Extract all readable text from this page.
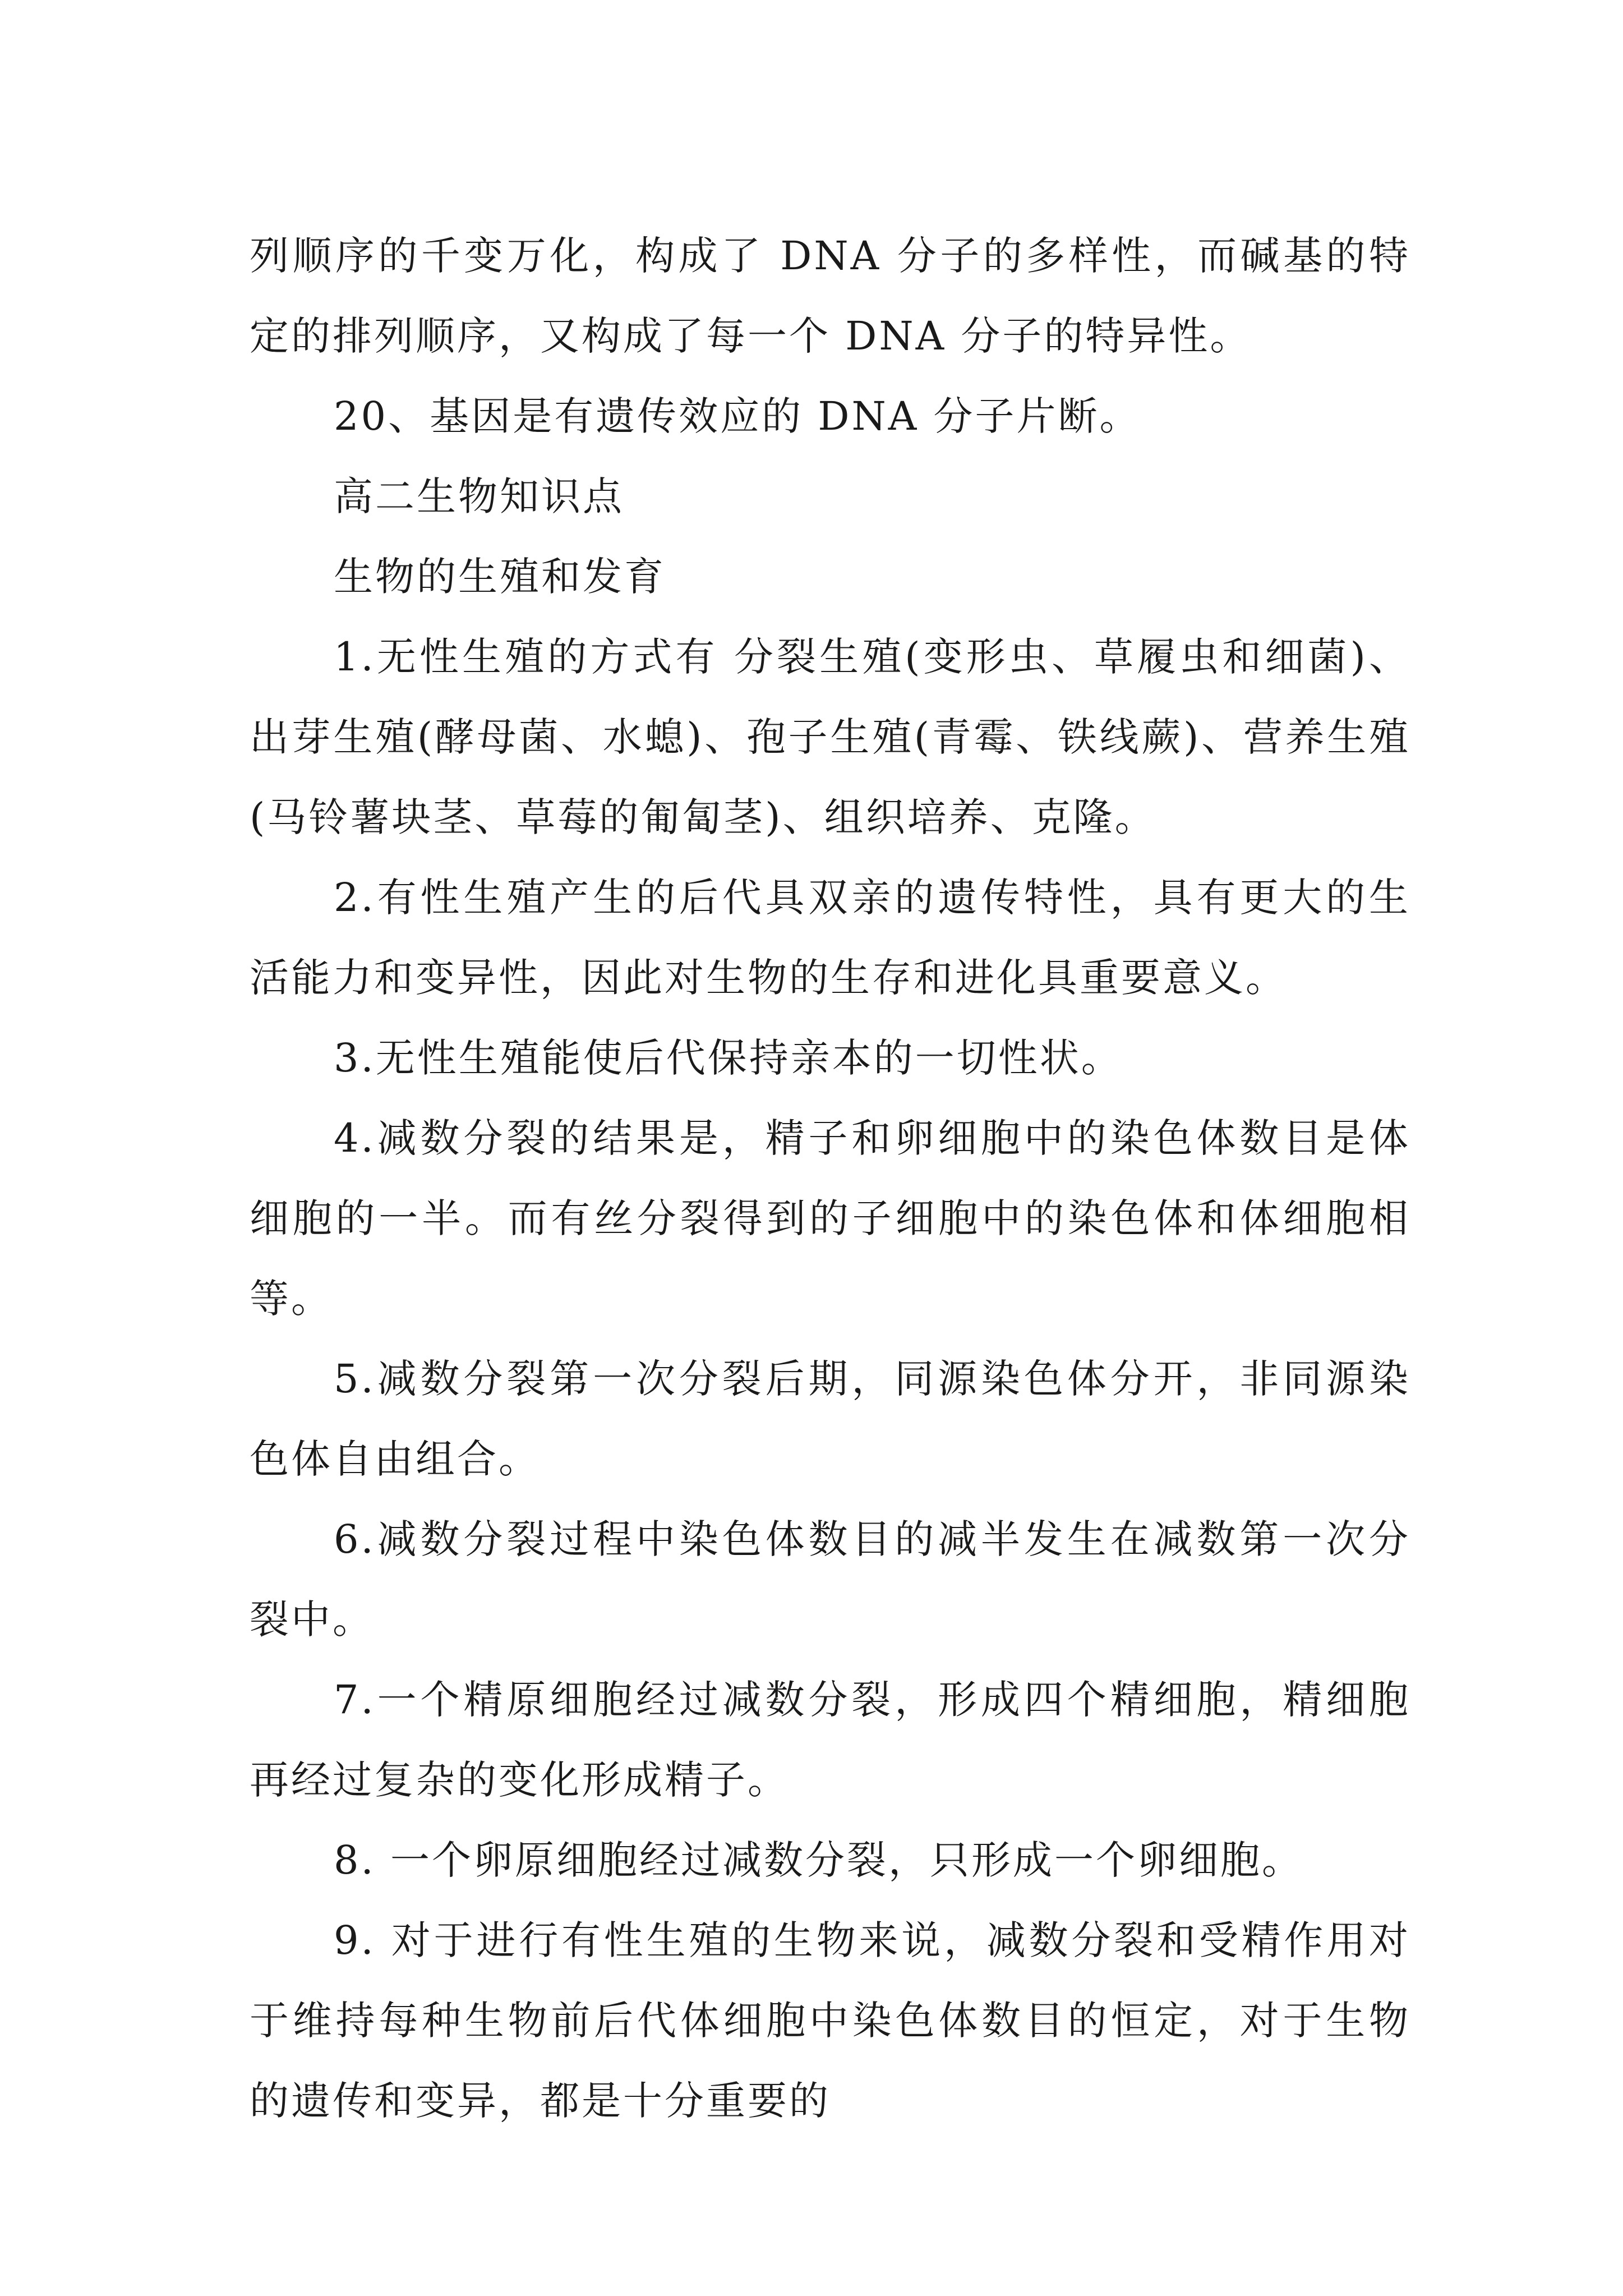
列顺序的千变万化，构成了 DNA 分子的多样性，而碱基的特定的排列顺序，又构成了每一个 DNA 分子的特异性。

20、基因是有遗传效应的 DNA 分子片断。

高二生物知识点

生物的生殖和发育

1.无性生殖的方式有 分裂生殖(变形虫、草履虫和细菌)、出芽生殖(酵母菌、水螅)、孢子生殖(青霉、铁线蕨)、营养生殖(马铃薯块茎、草莓的匍匐茎)、组织培养、克隆。

2.有性生殖产生的后代具双亲的遗传特性，具有更大的生活能力和变异性，因此对生物的生存和进化具重要意义。

3.无性生殖能使后代保持亲本的一切性状。

4.减数分裂的结果是，精子和卵细胞中的染色体数目是体细胞的一半。而有丝分裂得到的子细胞中的染色体和体细胞相等。

5.减数分裂第一次分裂后期，同源染色体分开，非同源染色体自由组合。

6.减数分裂过程中染色体数目的减半发生在减数第一次分裂中。

7.一个精原细胞经过减数分裂，形成四个精细胞，精细胞再经过复杂的变化形成精子。

8. 一个卵原细胞经过减数分裂，只形成一个卵细胞。

9. 对于进行有性生殖的生物来说，减数分裂和受精作用对于维持每种生物前后代体细胞中染色体数目的恒定，对于生物的遗传和变异，都是十分重要的
